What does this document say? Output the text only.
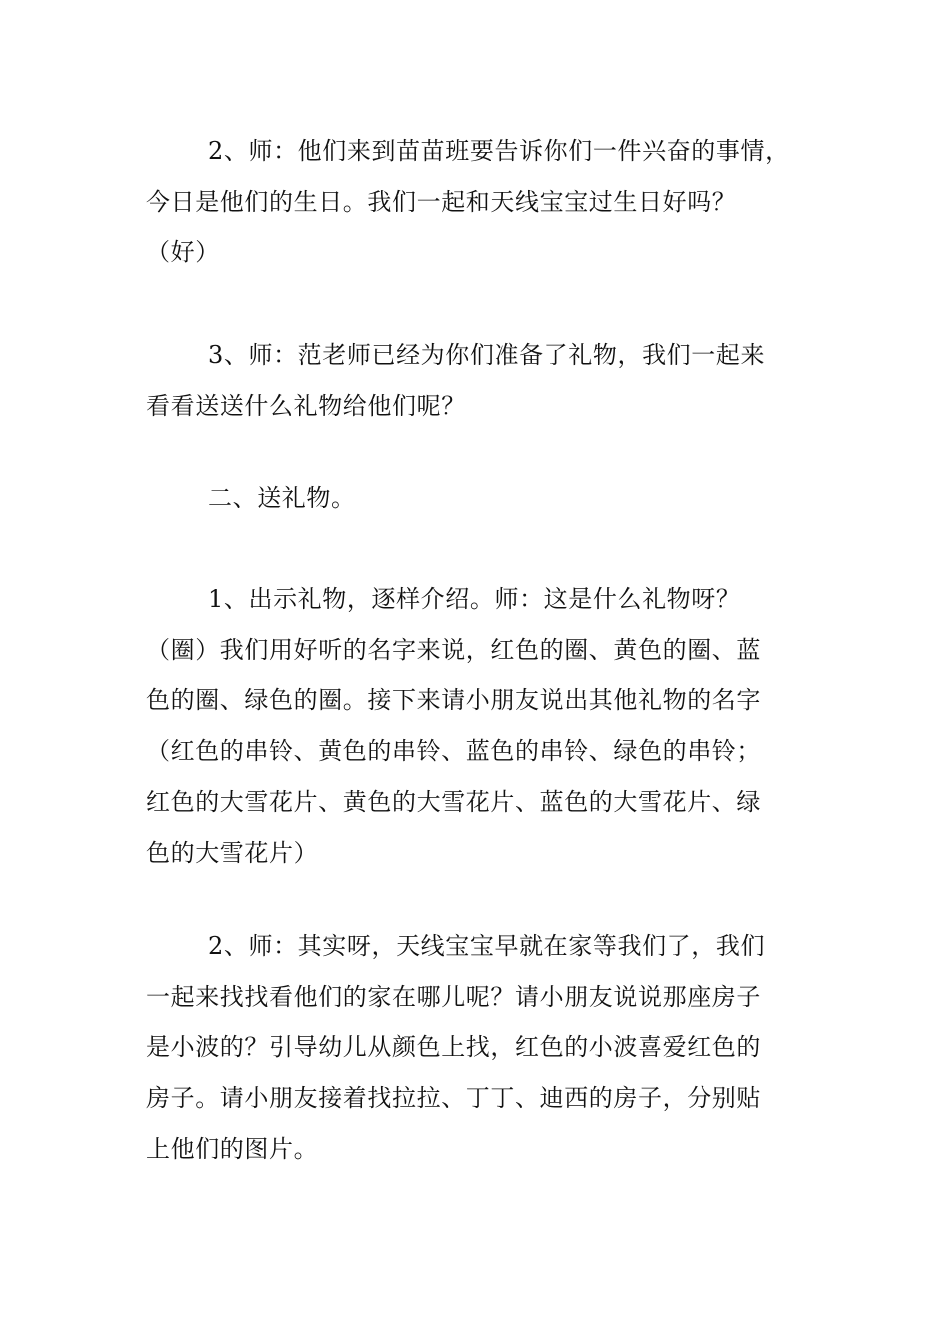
2、师：他们来到苗苗班要告诉你们一件兴奋的事情，
今日是他们的生日。我们一起和天线宝宝过生日好吗？
（好）

3、师：范老师已经为你们准备了礼物，我们一起来
看看送送什么礼物给他们呢？

二、送礼物。

1、出示礼物，逐样介绍。师：这是什么礼物呀？
（圈）我们用好听的名字来说，红色的圈、黄色的圈、蓝
色的圈、绿色的圈。接下来请小朋友说出其他礼物的名字
（红色的串铃、黄色的串铃、蓝色的串铃、绿色的串铃；
红色的大雪花片、黄色的大雪花片、蓝色的大雪花片、绿
色的大雪花片）

2、师：其实呀，天线宝宝早就在家等我们了，我们
一起来找找看他们的家在哪儿呢？请小朋友说说那座房子
是小波的？引导幼儿从颜色上找，红色的小波喜爱红色的
房子。请小朋友接着找拉拉、丁丁、迪西的房子，分别贴
上他们的图片。
